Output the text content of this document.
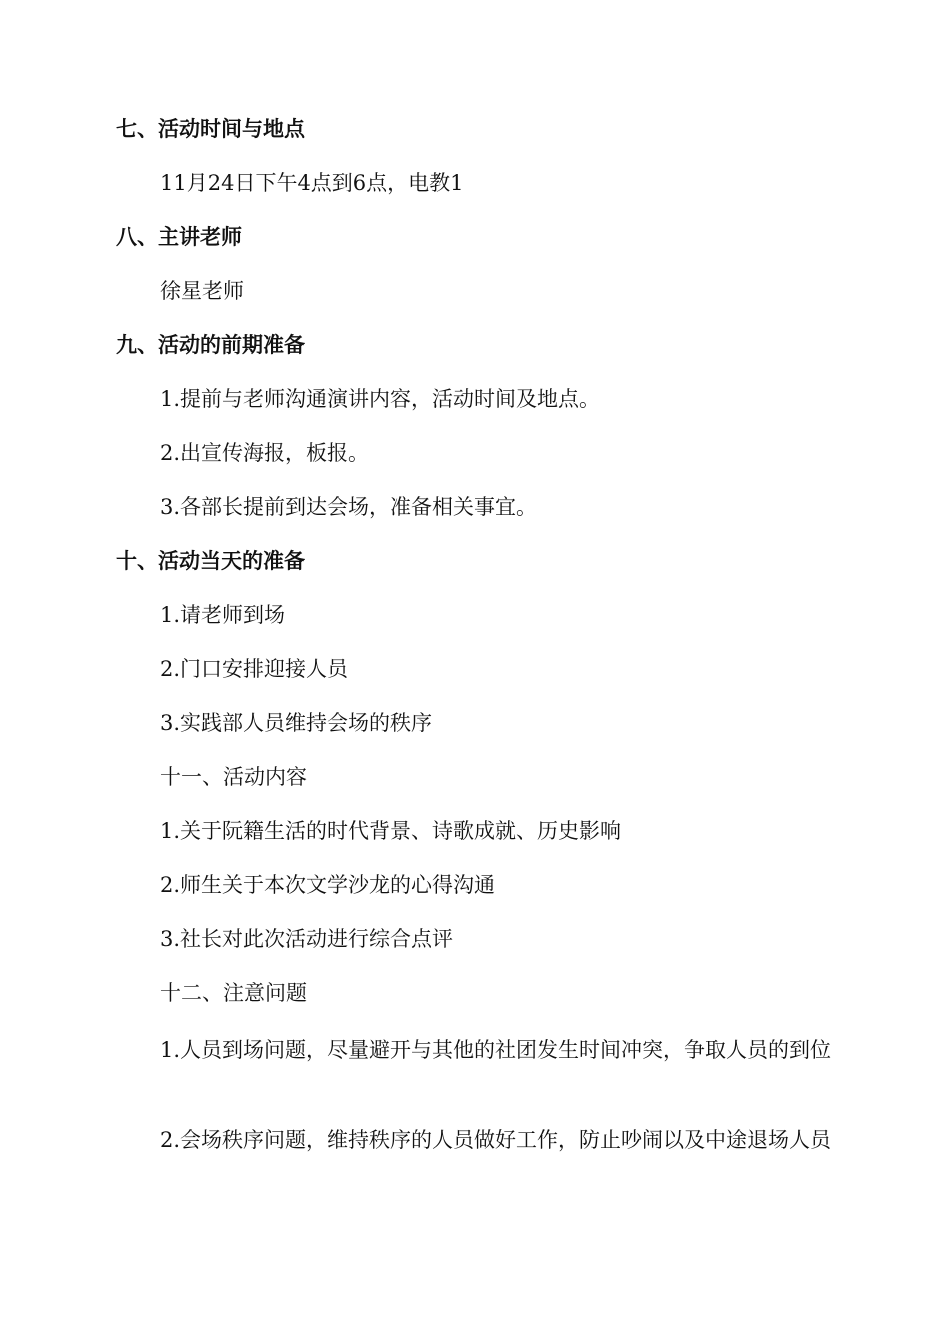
七、活动时间与地点
11月24日下午4点到6点，电教1
八、主讲老师
徐星老师
九、活动的前期准备
1.提前与老师沟通演讲内容，活动时间及地点。
2.出宣传海报，板报。
3.各部长提前到达会场，准备相关事宜。
十、活动当天的准备
1.请老师到场
2.门口安排迎接人员
3.实践部人员维持会场的秩序
十一、活动内容
1.关于阮籍生活的时代背景、诗歌成就、历史影响
2.师生关于本次文学沙龙的心得沟通
3.社长对此次活动进行综合点评
十二、注意问题
1.人员到场问题，尽量避开与其他的社团发生时间冲突，争取人员的到位
2.会场秩序问题，维持秩序的人员做好工作，防止吵闹以及中途退场人员
